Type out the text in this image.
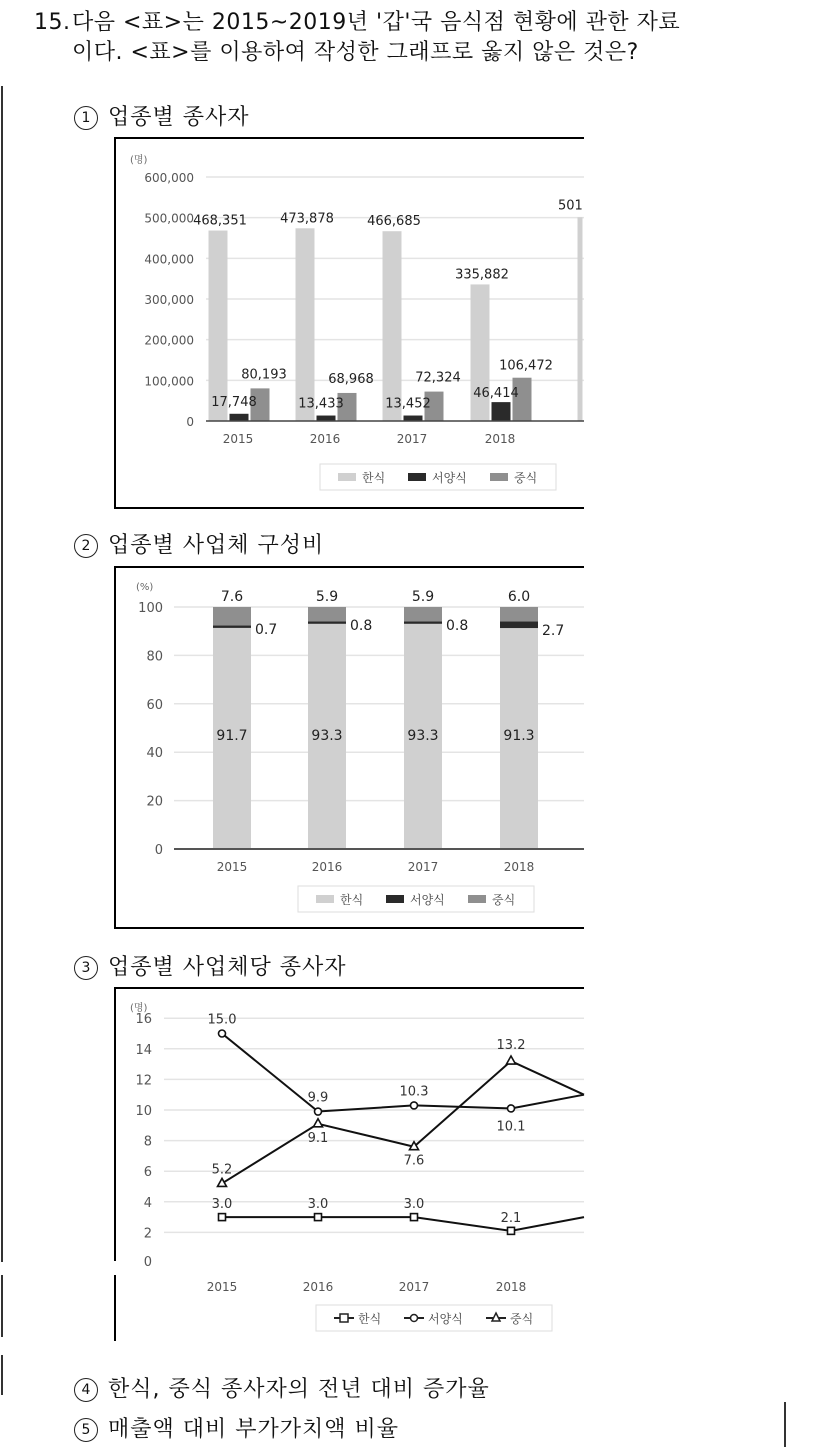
15.다음 <표>는 2015~2019년 '갑'국 음식점 현황에 관한 자료
이다. <표>를 이용하여 작성한 그래프로 옳지 않은 것은?
1 업종별 종사자
(명)
0
100,000
200,000
300,000
400,000
500,000
600,000
468,351
17,748
80,193
2015
473,878
13,433
68,968
2016
466,685
13,452
72,324
2017
335,882
46,414
106,472
2018
501
한식	서양식	중식
2 업종별 사업체 구성비
(%)
0
20
40
60
80
100
91.7
0.7
7.6
2015
93.3
0.8
5.9
2016
93.3
0.8
5.9
2017
91.3
2.7
6.0
2018
한식	서양식	중식
3 업종별 사업체당 종사자
(명)
2
4
6
8
10
12
14
16
0
3.0	3.0	3.0
2.1
15.0
9.9	10.3
10.1
5.2
9.1
7.6
13.2
2015	2016	2017	2018
한식	서양식	중식
4 한식, 중식 종사자의 전년 대비 증가율
5 매출액 대비 부가가치액 비율
